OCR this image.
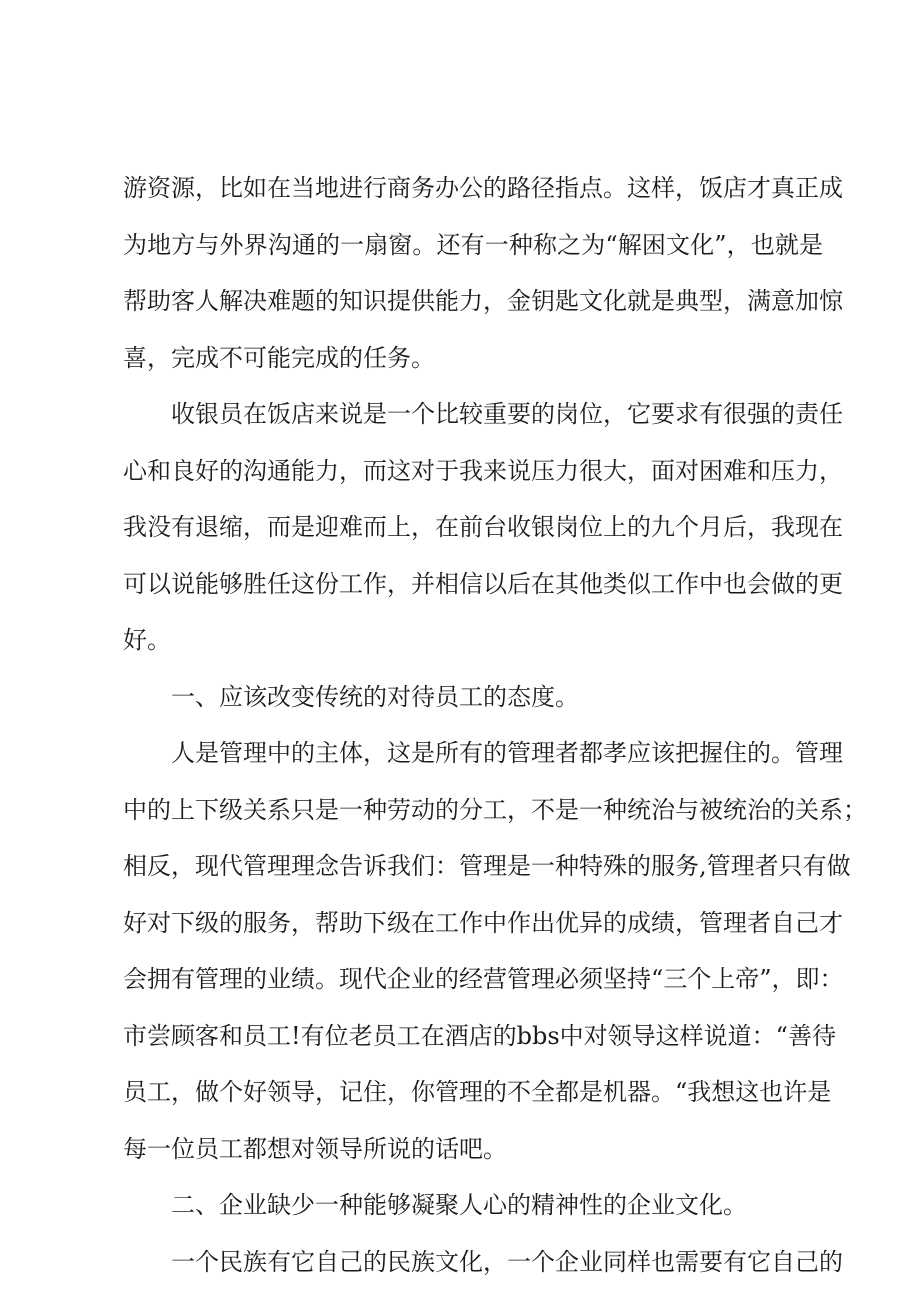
游资源，比如在当地进行商务办公的路径指点。这样，饭店才真正成
为地方与外界沟通的一扇窗。还有一种称之为“解困文化”，也就是
帮助客人解决难题的知识提供能力，金钥匙文化就是典型，满意加惊
喜，完成不可能完成的任务。
收银员在饭店来说是一个比较重要的岗位，它要求有很强的责任
心和良好的沟通能力，而这对于我来说压力很大，面对困难和压力，
我没有退缩，而是迎难而上，在前台收银岗位上的九个月后，我现在
可以说能够胜任这份工作，并相信以后在其他类似工作中也会做的更
好。
一、应该改变传统的对待员工的态度。
人是管理中的主体，这是所有的管理者都孝应该把握住的。管理
中的上下级关系只是一种劳动的分工，不是一种统治与被统治的关系；
相反，现代管理理念告诉我们：管理是一种特殊的服务,管理者只有做
好对下级的服务，帮助下级在工作中作出优异的成绩，管理者自己才
会拥有管理的业绩。现代企业的经营管理必须坚持“三个上帝”，即：
市尝顾客和员工!有位老员工在酒店的bbs中对领导这样说道：“善待
员工，做个好领导，记住，你管理的不全都是机器。“我想这也许是
每一位员工都想对领导所说的话吧。
二、企业缺少一种能够凝聚人心的精神性的企业文化。
一个民族有它自己的民族文化，一个企业同样也需要有它自己的
